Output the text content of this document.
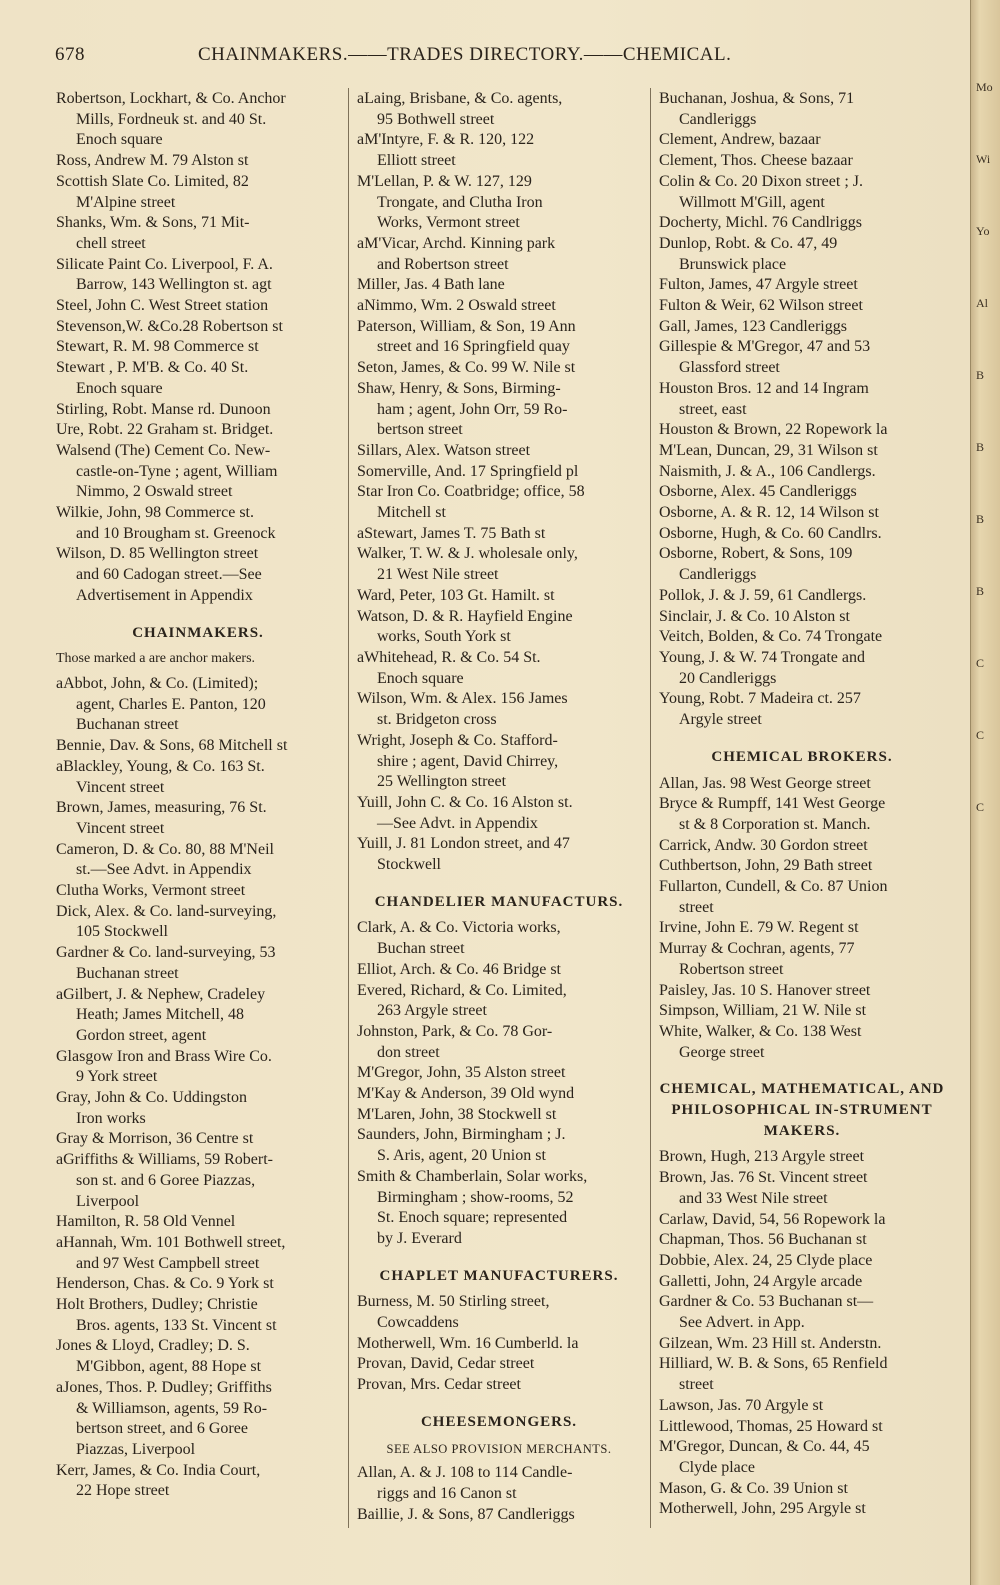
Mo
Wi
Yo
Al
B
B
B
B
C
C
C
678	CHAINMAKERS.——TRADES DIRECTORY.——CHEMICAL.
Robertson, Lockhart, & Co. Anchor
Mills, Fordneuk st. and 40 St.
Enoch square
Ross, Andrew M. 79 Alston st
Scottish Slate Co. Limited, 82
M'Alpine street
Shanks, Wm. & Sons, 71 Mit-
chell street
Silicate Paint Co. Liverpool, F. A.
Barrow, 143 Wellington st. agt
Steel, John C. West Street station
Stevenson,W. &Co.28 Robertson st
Stewart, R. M. 98 Commerce st
Stewart , P. M'B. & Co. 40 St.
Enoch square
Stirling, Robt. Manse rd. Dunoon
Ure, Robt. 22 Graham st. Bridget.
Walsend (The) Cement Co. New-
castle-on-Tyne ; agent, William
Nimmo, 2 Oswald street
Wilkie, John, 98 Commerce st.
and 10 Brougham st. Greenock
Wilson, D. 85 Wellington street
and 60 Cadogan street.—See
Advertisement in Appendix
CHAINMAKERS.
Those marked a are anchor makers.
aAbbot, John, & Co. (Limited);
agent, Charles E. Panton, 120
Buchanan street
Bennie, Dav. & Sons, 68 Mitchell st
aBlackley, Young, & Co. 163 St.
Vincent street
Brown, James, measuring, 76 St.
Vincent street
Cameron, D. & Co. 80, 88 M'Neil
st.—See Advt. in Appendix
Clutha Works, Vermont street
Dick, Alex. & Co. land-surveying,
105 Stockwell
Gardner & Co. land-surveying, 53
Buchanan street
aGilbert, J. & Nephew, Cradeley
Heath; James Mitchell, 48
Gordon street, agent
Glasgow Iron and Brass Wire Co.
9 York street
Gray, John & Co. Uddingston
Iron works
Gray & Morrison, 36 Centre st
aGriffiths & Williams, 59 Robert-
son st. and 6 Goree Piazzas,
Liverpool
Hamilton, R. 58 Old Vennel
aHannah, Wm. 101 Bothwell street,
and 97 West Campbell street
Henderson, Chas. & Co. 9 York st
Holt Brothers, Dudley; Christie
Bros. agents, 133 St. Vincent st
Jones & Lloyd, Cradley; D. S.
M'Gibbon, agent, 88 Hope st
aJones, Thos. P. Dudley; Griffiths
& Williamson, agents, 59 Ro-
bertson street, and 6 Goree
Piazzas, Liverpool
Kerr, James, & Co. India Court,
22 Hope street
aLaing, Brisbane, & Co. agents,
95 Bothwell street
aM'Intyre, F. & R. 120, 122
Elliott street
M'Lellan, P. & W. 127, 129
Trongate, and Clutha Iron
Works, Vermont street
aM'Vicar, Archd. Kinning park
and Robertson street
Miller, Jas. 4 Bath lane
aNimmo, Wm. 2 Oswald street
Paterson, William, & Son, 19 Ann
street and 16 Springfield quay
Seton, James, & Co. 99 W. Nile st
Shaw, Henry, & Sons, Birming-
ham ; agent, John Orr, 59 Ro-
bertson street
Sillars, Alex. Watson street
Somerville, And. 17 Springfield pl
Star Iron Co. Coatbridge; office, 58
Mitchell st
aStewart, James T. 75 Bath st
Walker, T. W. & J. wholesale only,
21 West Nile street
Ward, Peter, 103 Gt. Hamilt. st
Watson, D. & R. Hayfield Engine
works, South York st
aWhitehead, R. & Co. 54 St.
Enoch square
Wilson, Wm. & Alex. 156 James
st. Bridgeton cross
Wright, Joseph & Co. Stafford-
shire ; agent, David Chirrey,
25 Wellington street
Yuill, John C. & Co. 16 Alston st.
—See Advt. in Appendix
Yuill, J. 81 London street, and 47
Stockwell
CHANDELIER MANUFACTURS.
Clark, A. & Co. Victoria works,
Buchan street
Elliot, Arch. & Co. 46 Bridge st
Evered, Richard, & Co. Limited,
263 Argyle street
Johnston, Park, & Co. 78 Gor-
don street
M'Gregor, John, 35 Alston street
M'Kay & Anderson, 39 Old wynd
M'Laren, John, 38 Stockwell st
Saunders, John, Birmingham ; J.
S. Aris, agent, 20 Union st
Smith & Chamberlain, Solar works,
Birmingham ; show-rooms, 52
St. Enoch square; represented
by J. Everard
CHAPLET MANUFACTURERS.
Burness, M. 50 Stirling street,
Cowcaddens
Motherwell, Wm. 16 Cumberld. la
Provan, David, Cedar street
Provan, Mrs. Cedar street
CHEESEMONGERS.
SEE ALSO PROVISION MERCHANTS.
Allan, A. & J. 108 to 114 Candle-
riggs and 16 Canon st
Baillie, J. & Sons, 87 Candleriggs
Buchanan, Joshua, & Sons, 71
Candleriggs
Clement, Andrew, bazaar
Clement, Thos. Cheese bazaar
Colin & Co. 20 Dixon street ; J.
Willmott M'Gill, agent
Docherty, Michl. 76 Candlriggs
Dunlop, Robt. & Co. 47, 49
Brunswick place
Fulton, James, 47 Argyle street
Fulton & Weir, 62 Wilson street
Gall, James, 123 Candleriggs
Gillespie & M'Gregor, 47 and 53
Glassford street
Houston Bros. 12 and 14 Ingram
street, east
Houston & Brown, 22 Ropework la
M'Lean, Duncan, 29, 31 Wilson st
Naismith, J. & A., 106 Candlergs.
Osborne, Alex. 45 Candleriggs
Osborne, A. & R. 12, 14 Wilson st
Osborne, Hugh, & Co. 60 Candlrs.
Osborne, Robert, & Sons, 109
Candleriggs
Pollok, J. & J. 59, 61 Candlergs.
Sinclair, J. & Co. 10 Alston st
Veitch, Bolden, & Co. 74 Trongate
Young, J. & W. 74 Trongate and
20 Candleriggs
Young, Robt. 7 Madeira ct. 257
Argyle street
CHEMICAL BROKERS.
Allan, Jas. 98 West George street
Bryce & Rumpff, 141 West George
st & 8 Corporation st. Manch.
Carrick, Andw. 30 Gordon street
Cuthbertson, John, 29 Bath street
Fullarton, Cundell, & Co. 87 Union
street
Irvine, John E. 79 W. Regent st
Murray & Cochran, agents, 77
Robertson street
Paisley, Jas. 10 S. Hanover street
Simpson, William, 21 W. Nile st
White, Walker, & Co. 138 West
George street
CHEMICAL, MATHEMATICAL, AND PHILOSOPHICAL IN-STRUMENT MAKERS.
Brown, Hugh, 213 Argyle street
Brown, Jas. 76 St. Vincent street
and 33 West Nile street
Carlaw, David, 54, 56 Ropework la
Chapman, Thos. 56 Buchanan st
Dobbie, Alex. 24, 25 Clyde place
Galletti, John, 24 Argyle arcade
Gardner & Co. 53 Buchanan st—
See Advert. in App.
Gilzean, Wm. 23 Hill st. Anderstn.
Hilliard, W. B. & Sons, 65 Renfield
street
Lawson, Jas. 70 Argyle st
Littlewood, Thomas, 25 Howard st
M'Gregor, Duncan, & Co. 44, 45
Clyde place
Mason, G. & Co. 39 Union st
Motherwell, John, 295 Argyle st
